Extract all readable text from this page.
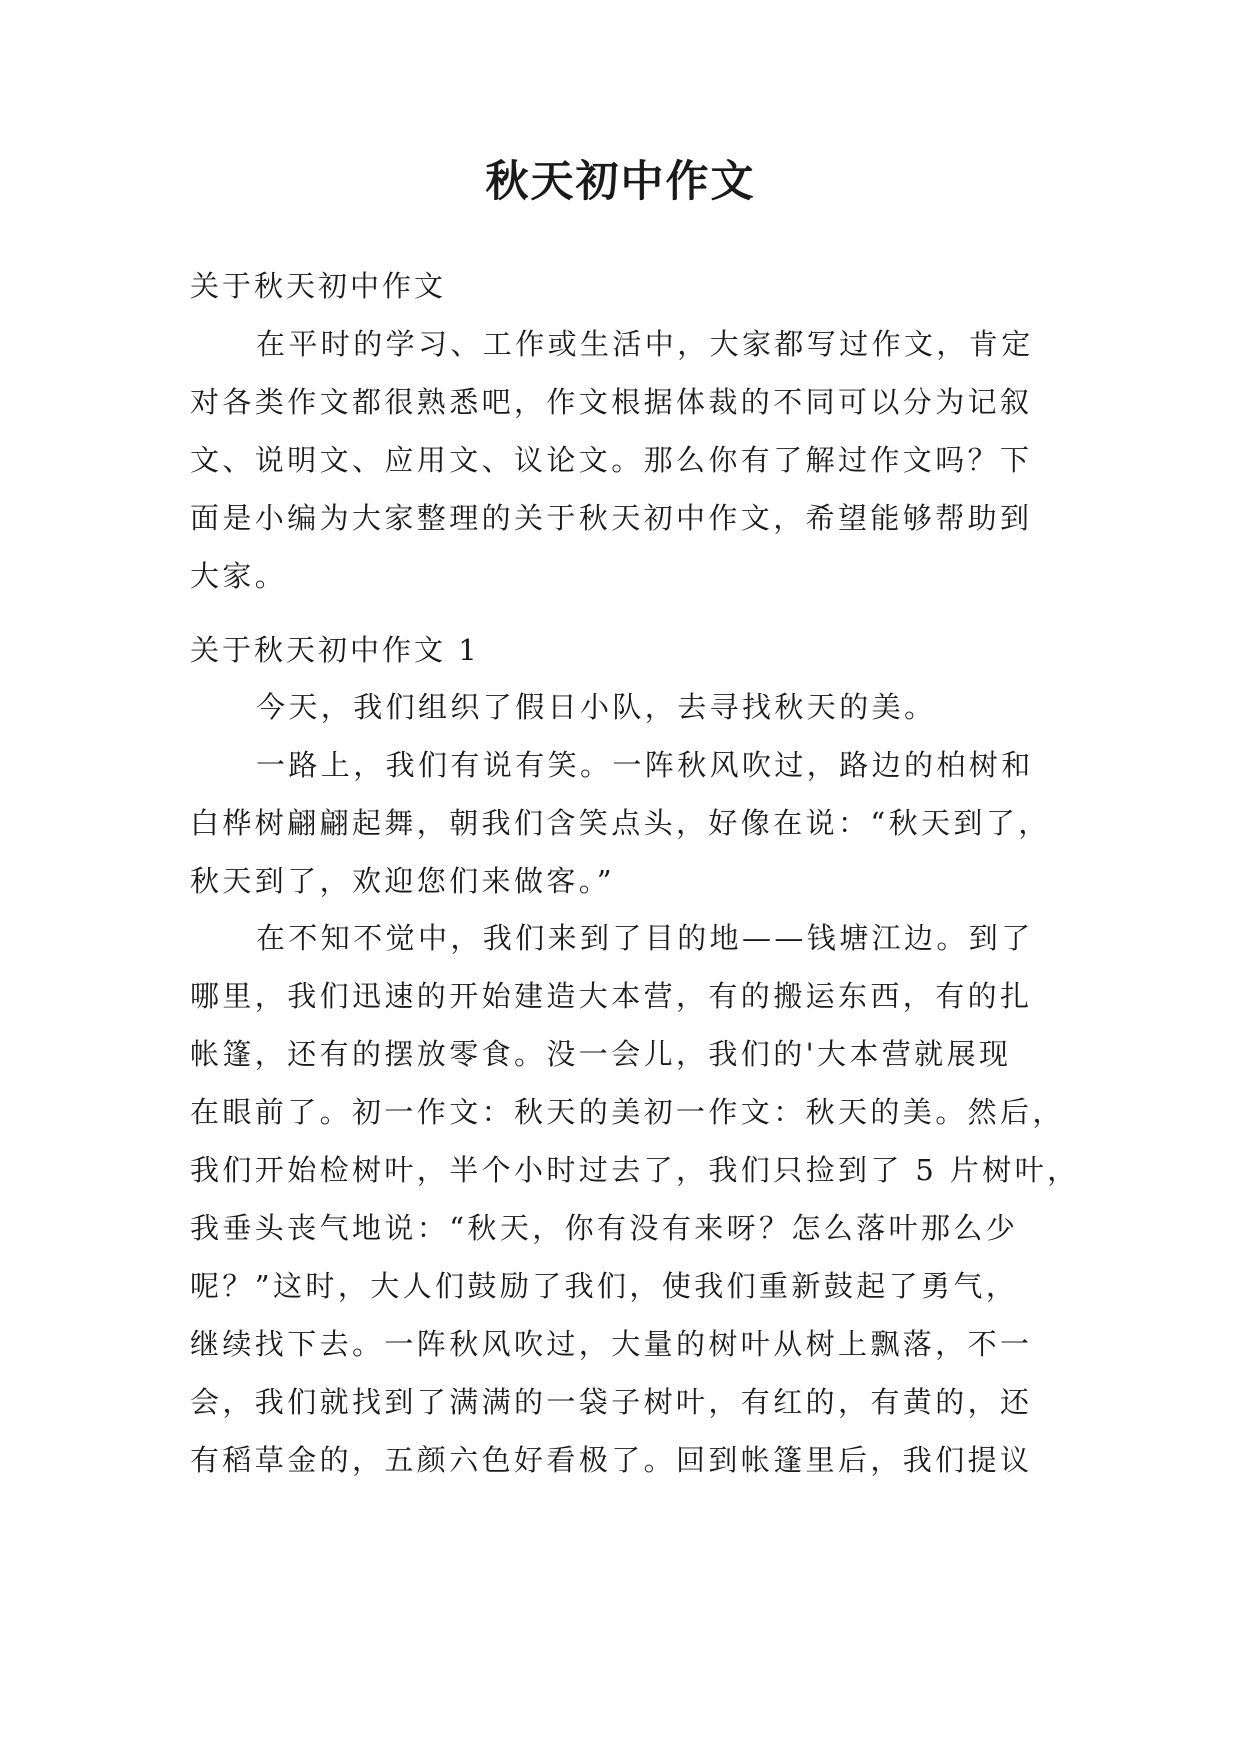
秋天初中作文
关于秋天初中作文
在平时的学习、工作或生活中，大家都写过作文，肯定
对各类作文都很熟悉吧，作文根据体裁的不同可以分为记叙
文、说明文、应用文、议论文。那么你有了解过作文吗？下
面是小编为大家整理的关于秋天初中作文，希望能够帮助到
大家。
关于秋天初中作文 1
今天，我们组织了假日小队，去寻找秋天的美。
一路上，我们有说有笑。一阵秋风吹过，路边的柏树和
白桦树翩翩起舞，朝我们含笑点头，好像在说：“秋天到了，
秋天到了，欢迎您们来做客。”
在不知不觉中，我们来到了目的地——钱塘江边。到了
哪里，我们迅速的开始建造大本营，有的搬运东西，有的扎
帐篷，还有的摆放零食。没一会儿，我们的'大本营就展现
在眼前了。初一作文：秋天的美初一作文：秋天的美。然后，
我们开始检树叶，半个小时过去了，我们只捡到了 5 片树叶，
我垂头丧气地说：“秋天，你有没有来呀？怎么落叶那么少
呢？”这时，大人们鼓励了我们，使我们重新鼓起了勇气，
继续找下去。一阵秋风吹过，大量的树叶从树上飘落，不一
会，我们就找到了满满的一袋子树叶，有红的，有黄的，还
有稻草金的，五颜六色好看极了。回到帐篷里后，我们提议
